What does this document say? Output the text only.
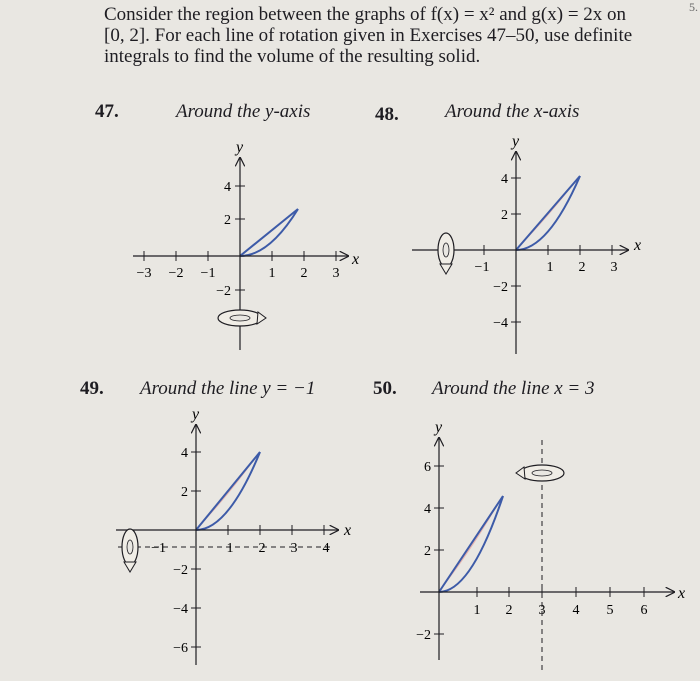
5.

Consider the region between the graphs of f(x) = x² and g(x) = 2x on [0, 2]. For each line of rotation given in Exercises 47–50, use definite integrals to find the volume of the resulting solid.

47.	Around the y-axis	48. Around the x-axis
49. Around the line y = −1	50. Around the line x = 3
−3 −2 −1	1 2 3
4
2
−2
x
y
−1	1 2 3
4
2
−2
−4
x
y
1 2 3 4
4
2
−1
−2
−4
−6
x
y
1 2 3 4 5 6
6
4
2
−2
x
y
